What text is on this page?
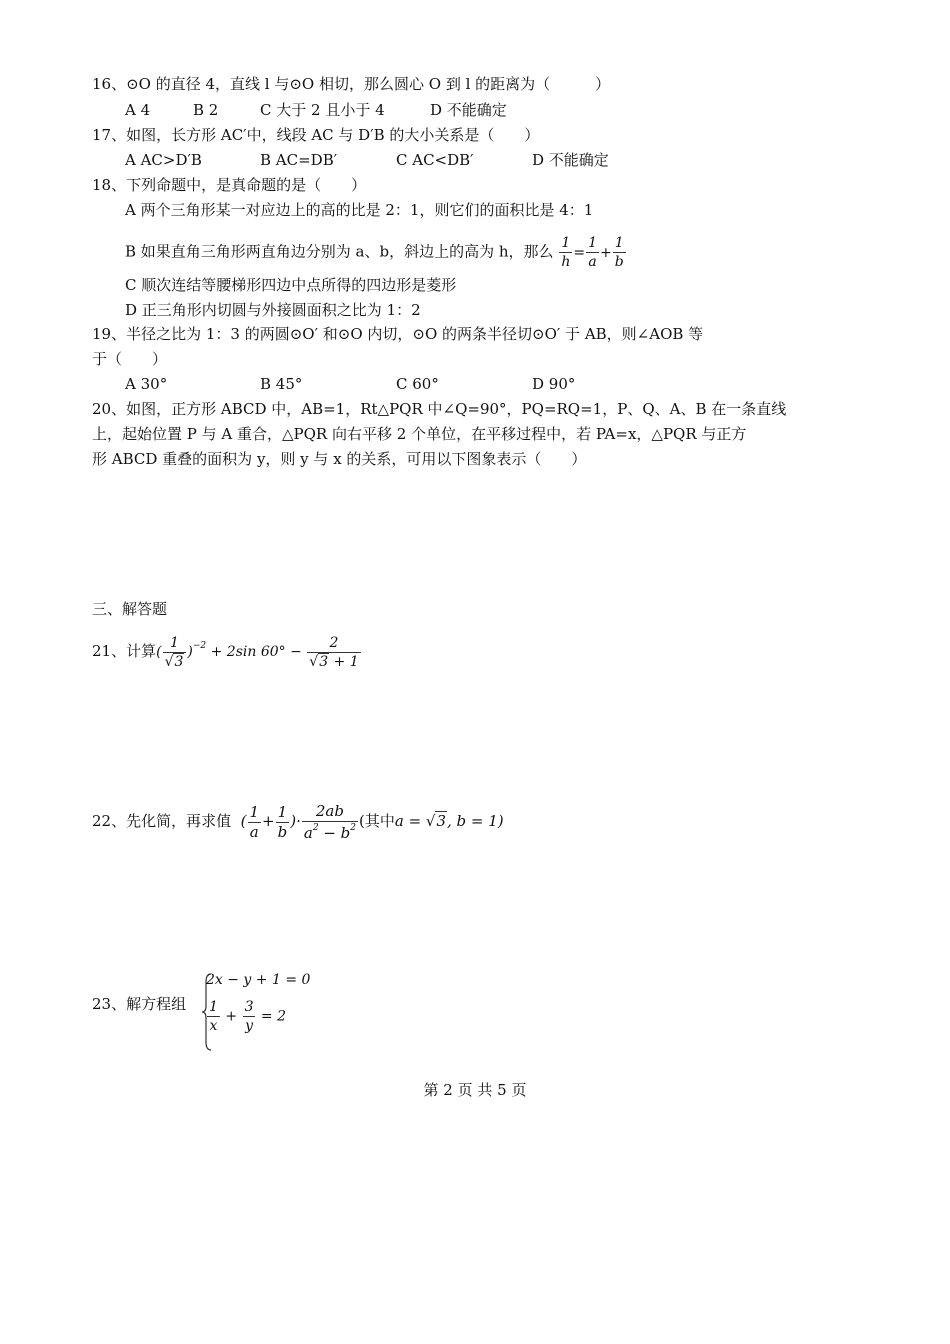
16、⊙O 的直径 4，直线 l 与⊙O 相切，那么圆心 O 到 l 的距离为（　　　）
A 4	B 2	C 大于 2 且小于 4	D 不能确定
17、如图，长方形 AC′中，线段 AC 与 D′B 的大小关系是（　　）
A AC>D′B	B AC=DB′	C AC<DB′	D 不能确定
18、下列命题中，是真命题的是（　　）
A 两个三角形某一对应边上的高的比是 2：1，则它们的面积比是 4：1
B 如果直角三角形两直角边分别为 a、b，斜边上的高为 h，那么 $\frac{1}{h} = \frac{1}{a} + \frac{1}{b}$
C 顺次连结等腰梯形四边中点所得的四边形是菱形
D 正三角形内切圆与外接圆面积之比为 1：2
19、半径之比为 1：3 的两圆⊙O′ 和⊙O 内切，⊙O 的两条半径切⊙O′ 于 AB，则∠AOB 等
于（　　）
A 30°	B 45°	C 60°	D 90°
20、如图，正方形 ABCD 中，AB=1，Rt△PQR 中∠Q=90°，PQ=RQ=1，P、Q、A、B 在一条直线
上，起始位置 P 与 A 重合，△PQR 向右平移 2 个单位，在平移过程中，若 PA=x，△PQR 与正方
形 ABCD 重叠的面积为 y，则 y 与 x 的关系，可用以下图象表示（　　）
三、解答题
21、计算( $\frac{1}{√3} )^{-2} + 2\sin$ $60^\circ - \frac{2}{√3 + 1}$
22、先化简，再求值 ( $\frac{1}{a} + \frac{1}{b}$ )· $\frac{2ab}{a^2 - b^2}$ (其中a = √3, b = 1)
23、解方程组
2x − y + 1 = 0
$\frac{1}{x} + \frac{3}{y} = 2$
第 2 页 共 5 页
